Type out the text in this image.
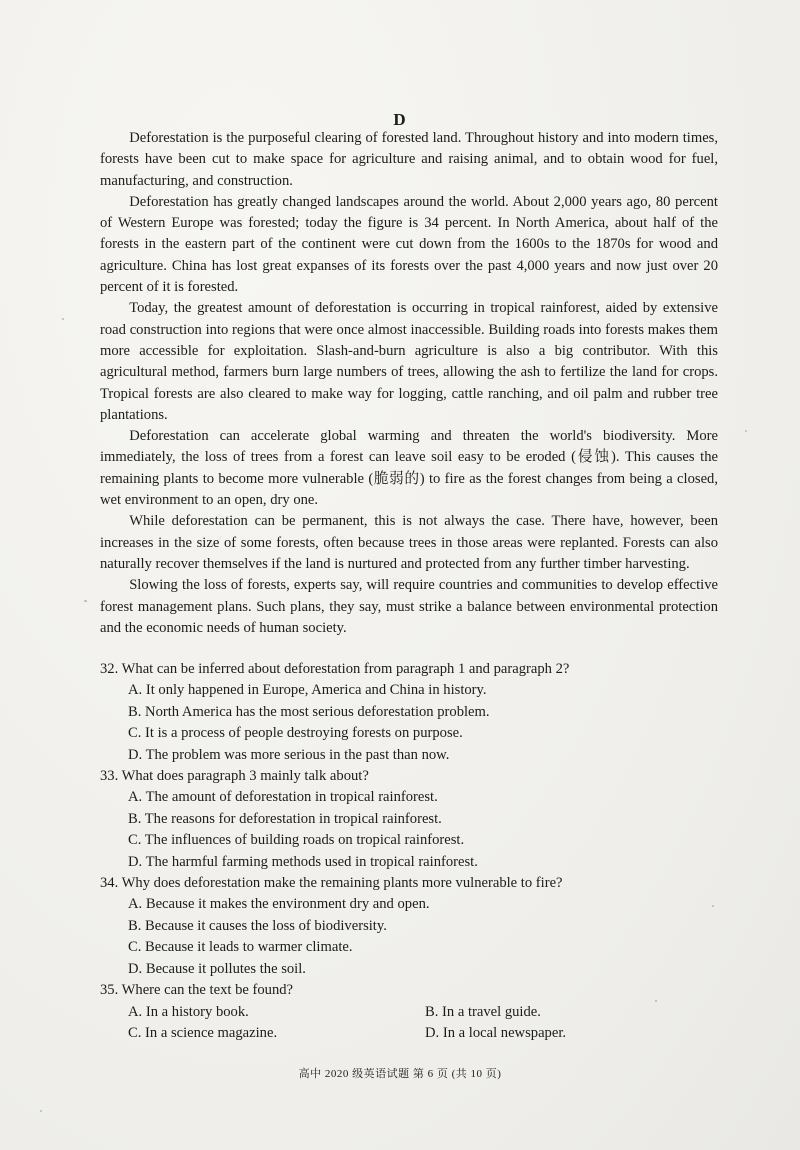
D

Deforestation is the purposeful clearing of forested land. Throughout history and into modern times, forests have been cut to make space for agriculture and raising animal, and to obtain wood for fuel, manufacturing, and construction.

Deforestation has greatly changed landscapes around the world. About 2,000 years ago, 80 percent of Western Europe was forested; today the figure is 34 percent. In North America, about half of the forests in the eastern part of the continent were cut down from the 1600s to the 1870s for wood and agriculture. China has lost great expanses of its forests over the past 4,000 years and now just over 20 percent of it is forested.

Today, the greatest amount of deforestation is occurring in tropical rainforest, aided by extensive road construction into regions that were once almost inaccessible. Building roads into forests makes them more accessible for exploitation. Slash-and-burn agriculture is also a big contributor. With this agricultural method, farmers burn large numbers of trees, allowing the ash to fertilize the land for crops. Tropical forests are also cleared to make way for logging, cattle ranching, and oil palm and rubber tree plantations.

Deforestation can accelerate global warming and threaten the world's biodiversity. More immediately, the loss of trees from a forest can leave soil easy to be eroded (侵蚀). This causes the remaining plants to become more vulnerable (脆弱的) to fire as the forest changes from being a closed, wet environment to an open, dry one.

While deforestation can be permanent, this is not always the case. There have, however, been increases in the size of some forests, often because trees in those areas were replanted. Forests can also naturally recover themselves if the land is nurtured and protected from any further timber harvesting.

Slowing the loss of forests, experts say, will require countries and communities to develop effective forest management plans. Such plans, they say, must strike a balance between environmental protection and the economic needs of human society.

32. What can be inferred about deforestation from paragraph 1 and paragraph 2?

A. It only happened in Europe, America and China in history.

B. North America has the most serious deforestation problem.

C. It is a process of people destroying forests on purpose.

D. The problem was more serious in the past than now.

33. What does paragraph 3 mainly talk about?

A. The amount of deforestation in tropical rainforest.

B. The reasons for deforestation in tropical rainforest.

C. The influences of building roads on tropical rainforest.

D. The harmful farming methods used in tropical rainforest.

34. Why does deforestation make the remaining plants more vulnerable to fire?

A. Because it makes the environment dry and open.

B. Because it causes the loss of biodiversity.

C. Because it leads to warmer climate.

D. Because it pollutes the soil.

35. Where can the text be found?

A. In a history book.	B. In a travel guide.

C. In a science magazine.	D. In a local newspaper.

高中 2020 级英语试题 第 6 页 (共 10 页)
